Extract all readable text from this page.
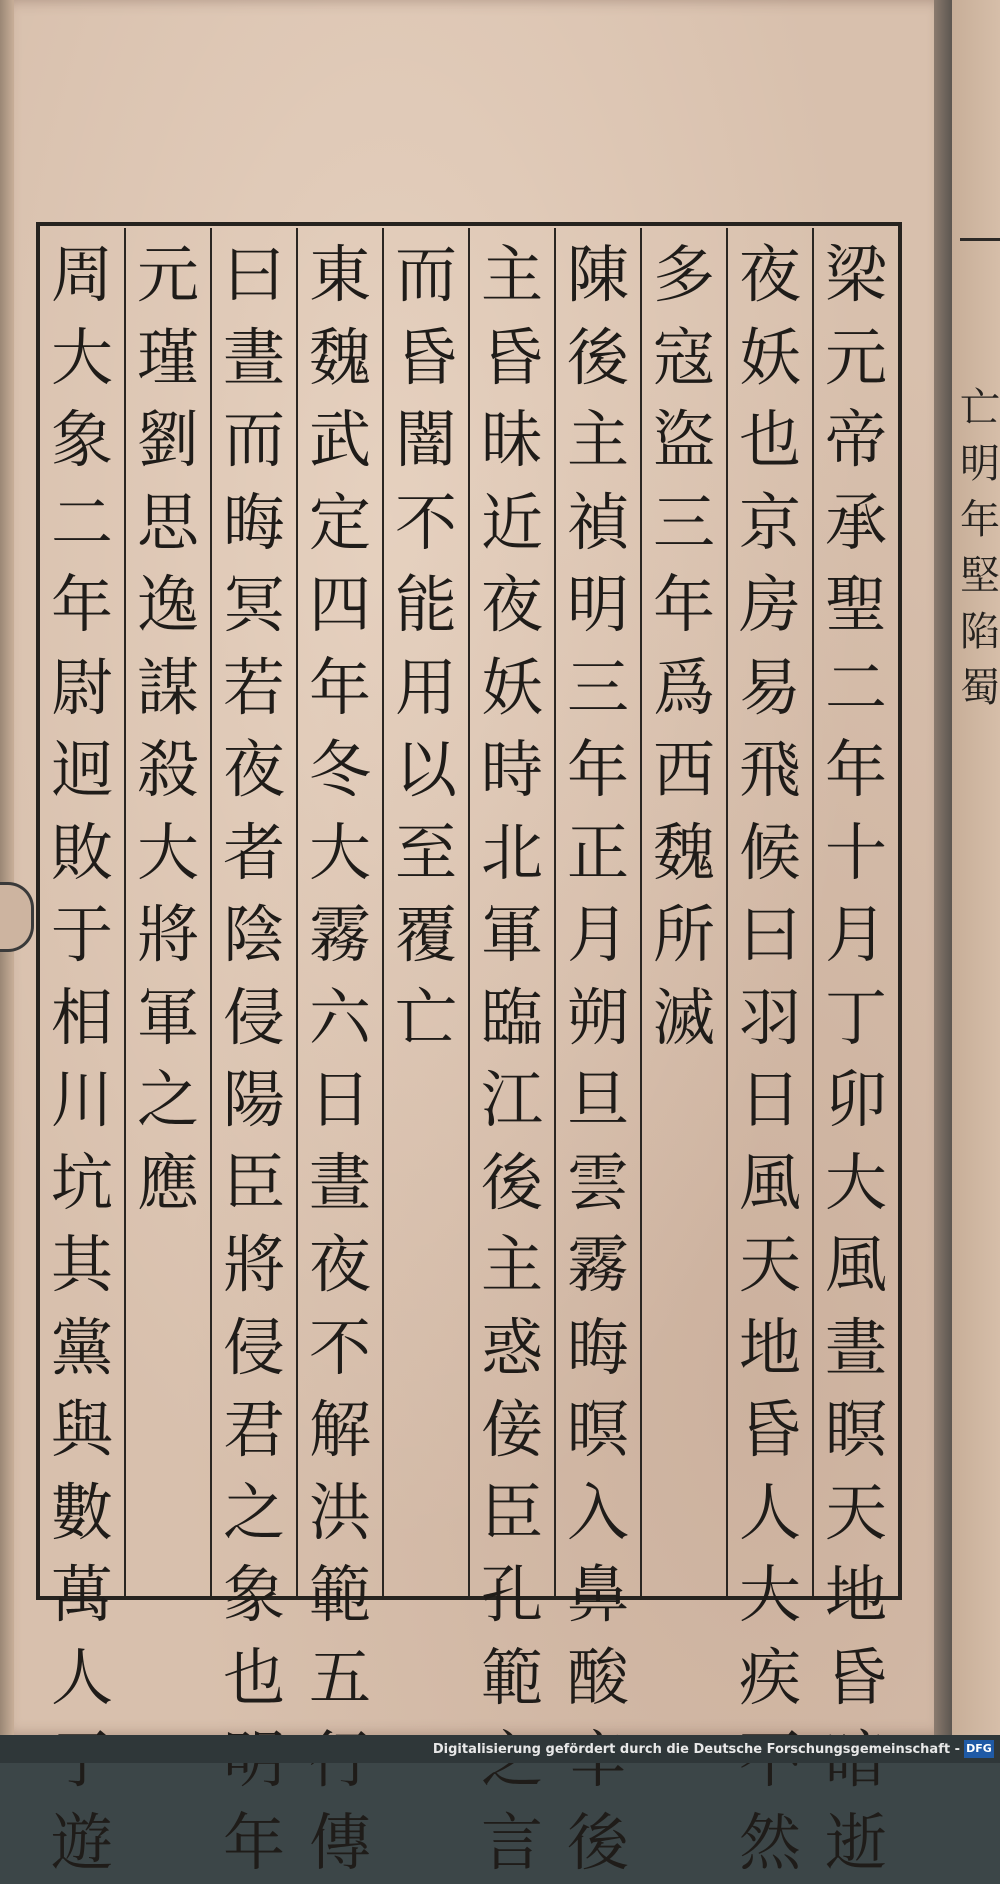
亡
明
年
堅
陷
蜀
梁
元
帝
承
聖
二
年
十
月
丁
卯
大
風
晝
瞑
天
地
昏
逝
夜
妖
也
京
房
易
飛
候
曰
羽
日
風
天
地
昏
人
大
疾
然
多
寇
盜
三
年
爲
西
魏
所
滅
陳
後
主
禎
明
三
年
正
月
朔
旦
雲
霧
晦
暝
入
鼻
酸
後
主
昏
昧
近
夜
妖
時
北
軍
臨
江
後
主
惑
倿
臣
孔
範
言
而
昏
闇
不
能
用
以
至
覆
亡
東
魏
武
定
四
年
冬
大
霧
六
日
晝
夜
不
解
洪
範
五
傳
曰
晝
而
晦
冥
若
夜
者
陰
侵
陽
臣
將
侵
君
之
象
也
年
元
瑾
劉
思
逸
謀
殺
大
將
軍
之
應
周
大
象
二
年
尉
迥
敗
于
相
川
坑
其
黨
與
數
萬
人
遊
Digitalisierung gefördert durch die Deutsche Forschungsgemeinschaft - DFG
